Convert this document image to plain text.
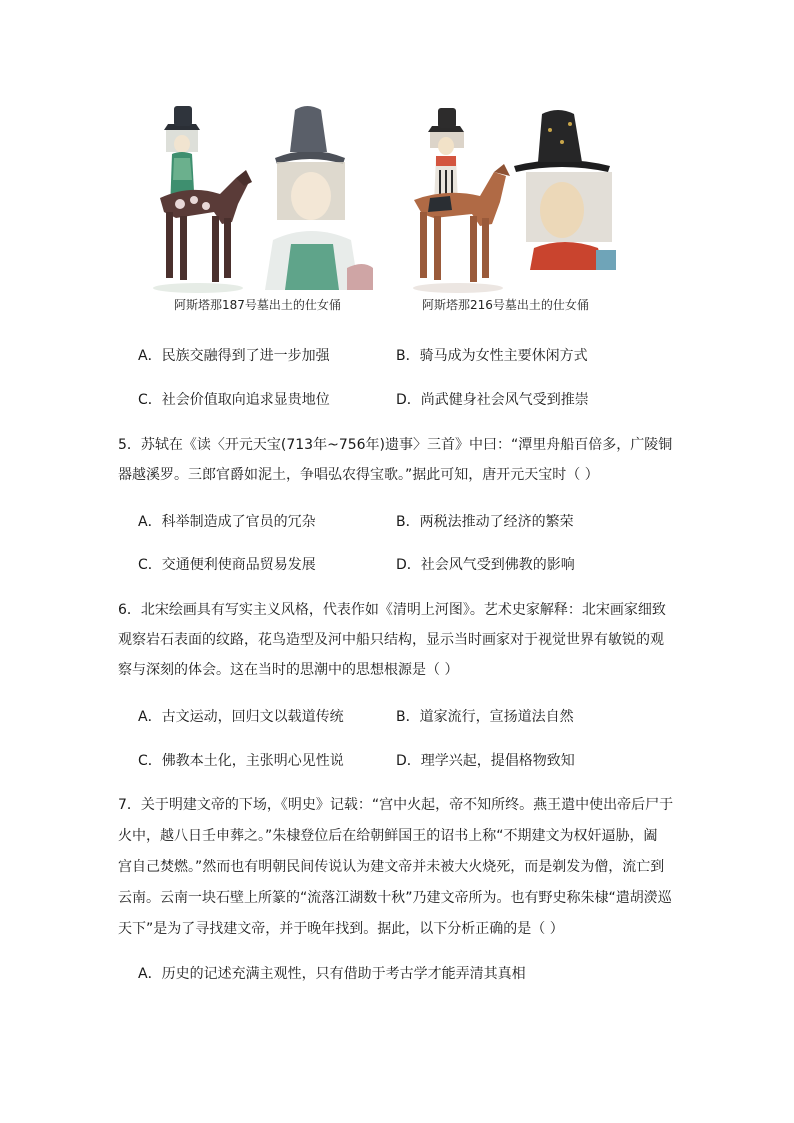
阿斯塔那187号墓出土的仕女俑	阿斯塔那216号墓出土的仕女俑
A．民族交融得到了进一步加强	B．骑马成为女性主要休闲方式
C．社会价值取向追求显贵地位	D．尚武健身社会风气受到推崇
5．苏轼在《读〈开元天宝(713年~756年)遗事〉三首》中曰：“潭里舟船百倍多，广陵铜
器越溪罗。三郎官爵如泥土，争唱弘农得宝歌。”据此可知，唐开元天宝时（ ）
A．科举制造成了官员的冗杂	B．两税法推动了经济的繁荣
C．交通便利使商品贸易发展	D．社会风气受到佛教的影响
6．北宋绘画具有写实主义风格，代表作如《清明上河图》。艺术史家解释：北宋画家细致
观察岩石表面的纹路，花鸟造型及河中船只结构，显示当时画家对于视觉世界有敏锐的观
察与深刻的体会。这在当时的思潮中的思想根源是（ ）
A．古文运动，回归文以载道传统	B．道家流行，宣扬道法自然
C．佛教本土化，主张明心见性说	D．理学兴起，提倡格物致知
7．关于明建文帝的下场，《明史》记载：“宫中火起，帝不知所终。燕王遣中使出帝后尸于
火中，越八日壬申葬之。”朱棣登位后在给朝鲜国王的诏书上称“不期建文为权奸逼胁，阖
宫自己焚燃。”然而也有明朝民间传说认为建文帝并未被大火烧死，而是剃发为僧，流亡到
云南。云南一块石壁上所篆的“流落江湖数十秋”乃建文帝所为。也有野史称朱棣“遣胡濙巡
天下”是为了寻找建文帝，并于晚年找到。据此，以下分析正确的是（ ）
A．历史的记述充满主观性，只有借助于考古学才能弄清其真相
